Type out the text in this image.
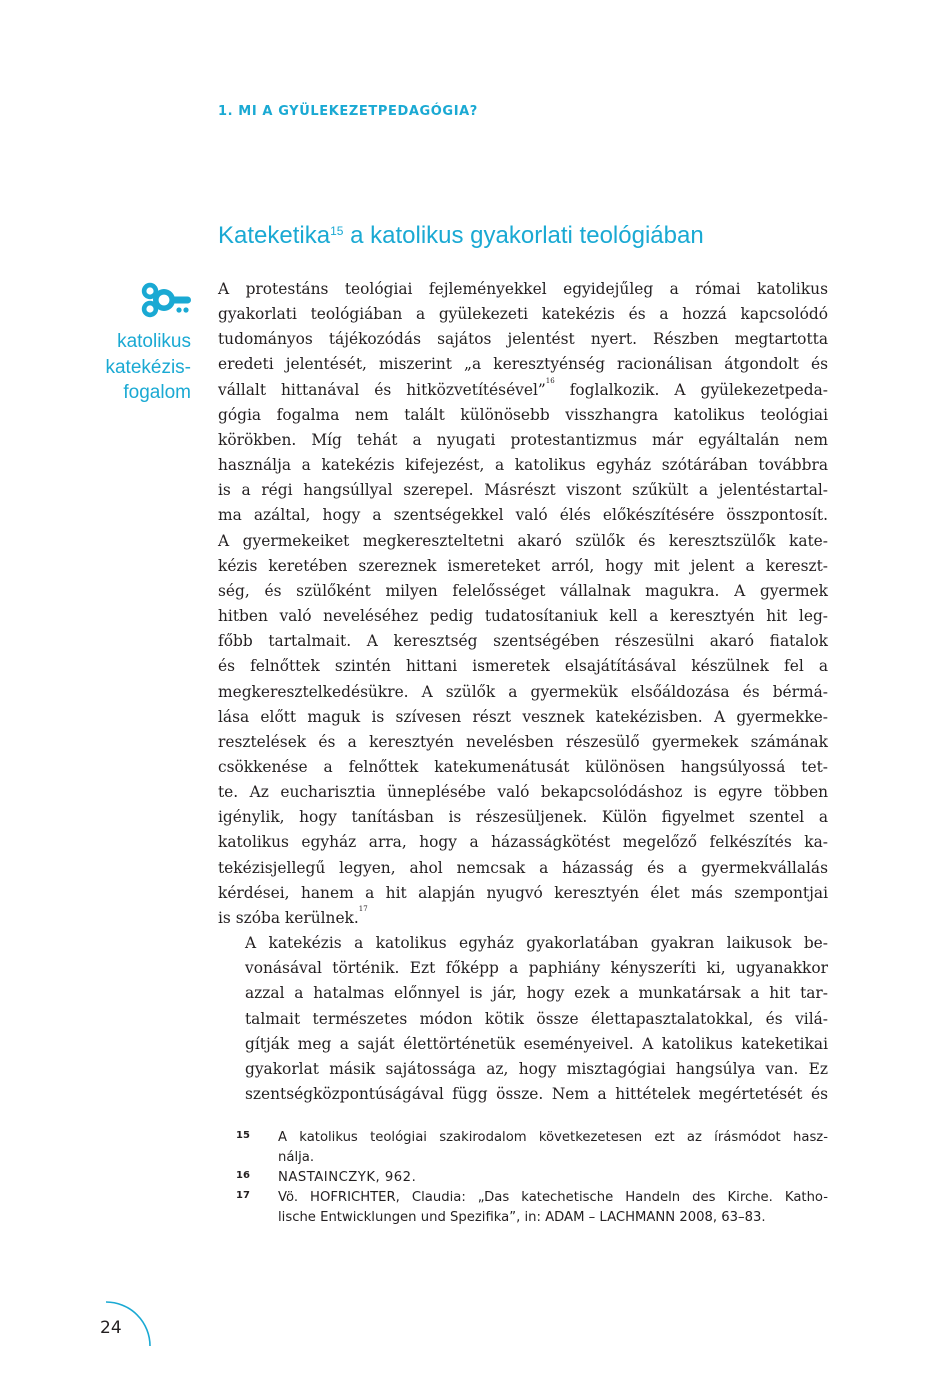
1. MI A GYÜLEKEZETPEDAGÓGIA?
Kateketika$^{15}$ a katolikus gyakorlati teológiában
katolikus
katekézis-
fogalom

A protestáns teológiai fejleményekkel egyidejűleg a római katolikus
gyakorlati teológiában a gyülekezeti katekézis és a hozzá kapcsolódó
tudományos tájékozódás sajátos jelentést nyert. Részben megtartotta
eredeti jelentését, miszerint „a keresztyénség racionálisan átgondolt és
vállalt hittanával és hitközvetítésével”$^{16}$ foglalkozik. A gyülekezetpeda-
gógia fogalma nem talált különösebb visszhangra katolikus teológiai
körökben. Míg tehát a nyugati protestantizmus már egyáltalán nem
használja a katekézis kifejezést, a katolikus egyház szótárában továbbra
is a régi hangsúllyal szerepel. Másrészt viszont szűkült a jelentéstartal-
ma azáltal, hogy a szentségekkel való élés előkészítésére összpontosít.
A gyermekeiket megkereszteltetni akaró szülők és keresztszülők kate-
kézis keretében szereznek ismereteket arról, hogy mit jelent a kereszt-
ség, és szülőként milyen felelősséget vállalnak magukra. A gyermek
hitben való neveléséhez pedig tudatosítaniuk kell a keresztyén hit leg-
főbb tartalmait. A keresztség szentségében részesülni akaró fiatalok
és felnőttek szintén hittani ismeretek elsajátításával készülnek fel a
megkeresztelkedésükre. A szülők a gyermekük elsőáldozása és bérmá-
lása előtt maguk is szívesen részt vesznek katekézisben. A gyermekke-
resztelések és a keresztyén nevelésben részesülő gyermekek számának
csökkenése a felnőttek katekumenátusát különösen hangsúlyossá tet-
te. Az eucharisztia ünneplésébe való bekapcsolódáshoz is egyre többen
igénylik, hogy tanításban is részesüljenek. Külön figyelmet szentel a
katolikus egyház arra, hogy a házasságkötést megelőző felkészítés ka-
tekézisjellegű legyen, ahol nemcsak a házasság és a gyermekvállalás
kérdései, hanem a hit alapján nyugvó keresztyén élet más szempontjai
is szóba kerülnek.$^{17}$

A katekézis a katolikus egyház gyakorlatában gyakran laikusok be-
vonásával történik. Ezt főképp a paphiány kényszeríti ki, ugyanakkor
azzal a hatalmas előnnyel is jár, hogy ezek a munkatársak a hit tar-
talmait természetes módon kötik össze élettapasztalatokkal, és vilá-
gítják meg a saját élettörténetük eseményeivel. A katolikus kateketikai
gyakorlat másik sajátossága az, hogy misztagógiai hangsúlya van. Ez
szentségközpontúságával függ össze. Nem a hittételek megértetését és

15 A katolikus teológiai szakirodalom következetesen ezt az írásmódot hasz-
nálja.
16 NASTAINCZYK, 962.
17 Vö. HOFRICHTER, Claudia: „Das katechetische Handeln des Kirche. Katho-
lische Entwicklungen und Spezifika”, in: ADAM – LACHMANN 2008, 63–83.
24
